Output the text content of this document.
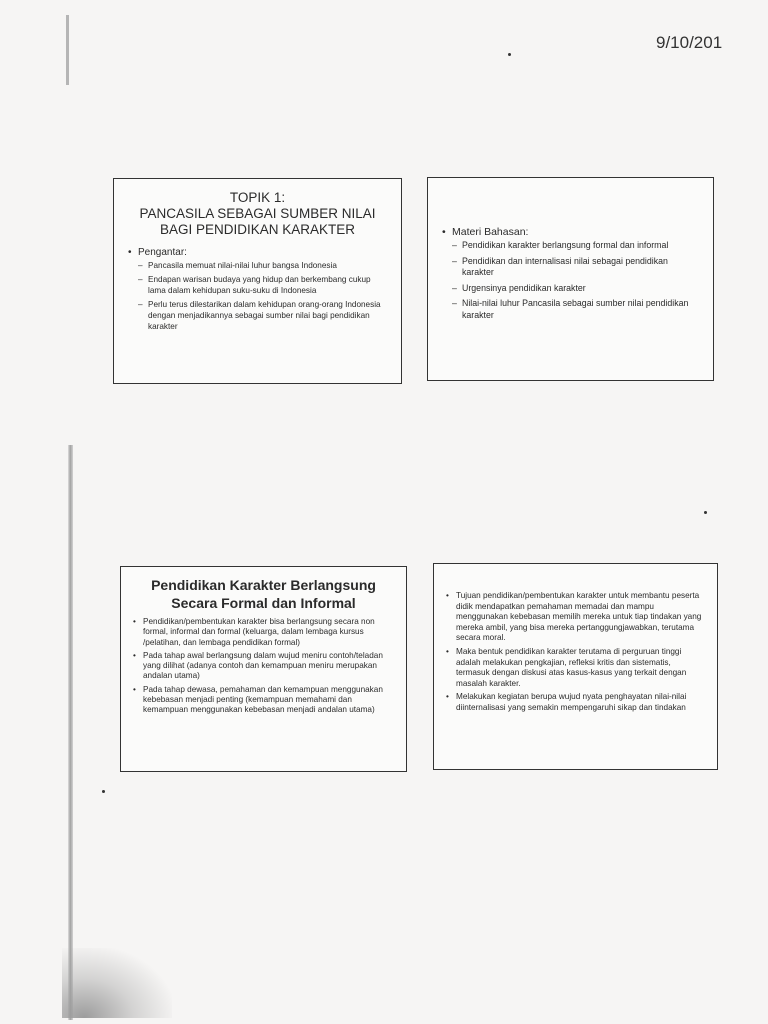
9/10/201
TOPIK 1:
PANCASILA SEBAGAI SUMBER NILAI
BAGI PENDIDIKAN KARAKTER
• Pengantar:
– Pancasila memuat nilai-nilai luhur bangsa Indonesia
– Endapan warisan budaya yang hidup dan berkembang cukup lama dalam kehidupan suku-suku di Indonesia
– Perlu terus dilestarikan dalam kehidupan orang-orang Indonesia dengan menjadikannya sebagai sumber nilai bagi pendidikan karakter
• Materi Bahasan:
– Pendidikan karakter berlangsung formal dan informal
– Pendidikan dan internalisasi nilai sebagai pendidikan karakter
– Urgensinya pendidikan karakter
– Nilai-nilai luhur Pancasila sebagai sumber nilai pendidikan karakter
Pendidikan Karakter Berlangsung
Secara Formal dan Informal
• Pendidikan/pembentukan karakter bisa berlangsung secara non formal, informal dan formal (keluarga, dalam lembaga kursus /pelatihan, dan lembaga pendidikan formal)
• Pada tahap awal berlangsung dalam wujud meniru contoh/teladan yang dilihat (adanya contoh dan kemampuan meniru merupakan andalan utama)
• Pada tahap dewasa, pemahaman dan kemampuan menggunakan kebebasan menjadi penting (kemampuan memahami dan kemampuan menggunakan kebebasan menjadi andalan utama)
• Tujuan pendidikan/pembentukan karakter untuk membantu peserta didik mendapatkan pemahaman memadai dan mampu menggunakan kebebasan memilih mereka untuk tiap tindakan yang mereka ambil, yang bisa mereka pertanggungjawabkan, terutama secara moral.
• Maka bentuk pendidikan karakter terutama di perguruan tinggi adalah melakukan pengkajian, refleksi kritis dan sistematis, termasuk dengan diskusi atas kasus-kasus yang terkait dengan masalah karakter.
• Melakukan kegiatan berupa wujud nyata penghayatan nilai-nilai diinternalisasi yang semakin mempengaruhi sikap dan tindakan
